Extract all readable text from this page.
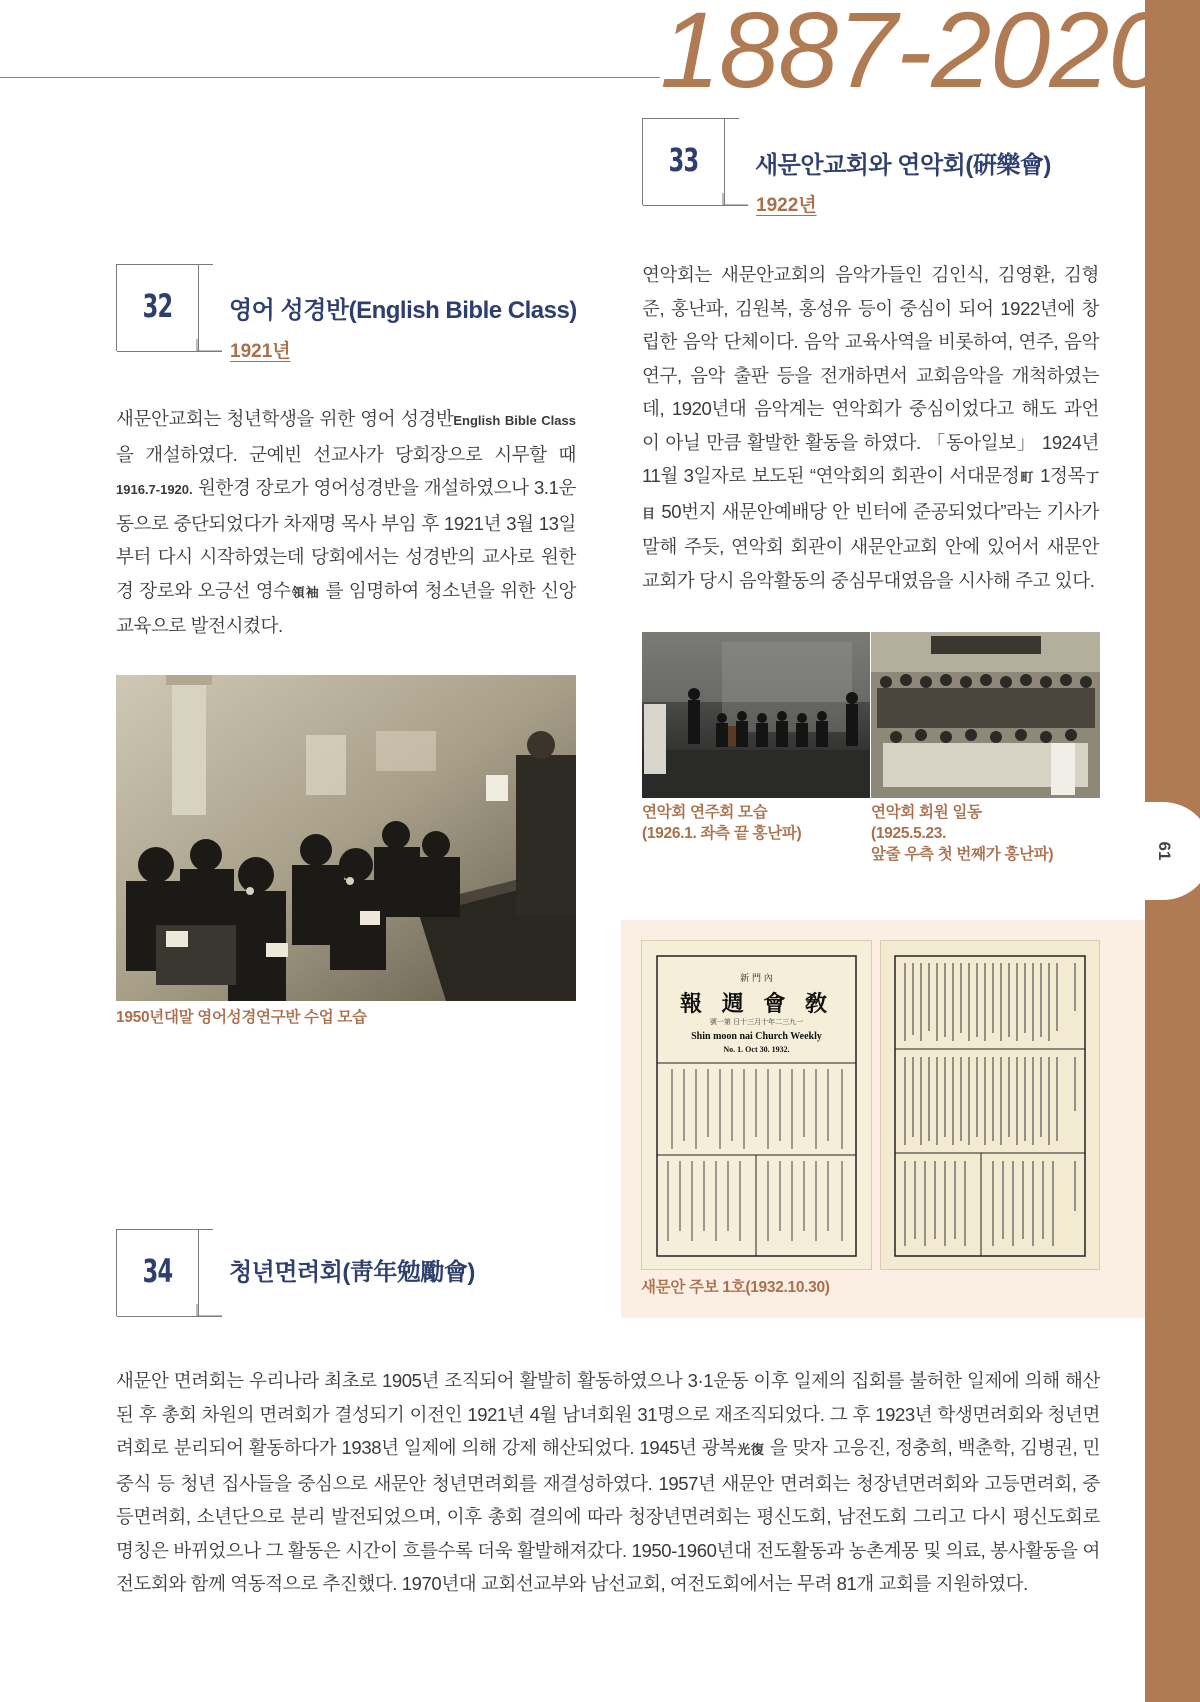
61
1887-2020
33	새문안교회와 연악회(硏樂會)
1922년
연악회는 새문안교회의 음악가들인 김인식, 김영환, 김형준, 홍난파, 김원복, 홍성유 등이 중심이 되어 1922년에 창립한 음악 단체이다. 음악 교육사역을 비롯하여, 연주, 음악 연구, 음악 출판 등을 전개하면서 교회음악을 개척하였는데, 1920년대 음악계는 연악회가 중심이었다고 해도 과언이 아닐 만큼 활발한 활동을 하였다. 「동아일보」 1924년 11월 3일자로 보도된 “연악회의 회관이 서대문정町 1정목丁目 50번지 새문안예배당 안 빈터에 준공되었다”라는 기사가 말해 주듯, 연악회 회관이 새문안교회 안에 있어서 새문안교회가 당시 음악활동의 중심무대였음을 시사해 주고 있다.
연악회 연주회 모습
(1926.1. 좌측 끝 홍난파)
연악회 회원 일동
(1925.5.23.
앞줄 우측 첫 번째가 홍난파)
新 門 內
報 週 會 敎
號一第 日十三月十年二三九一
Shin moon nai Church Weekly
No. 1. Oct 30. 1932.
새문안 주보 1호(1932.10.30)
32	영어 성경반(English Bible Class)
1921년
새문안교회는 청년학생을 위한 영어 성경반English Bible Class 을 개설하였다. 군예빈 선교사가 당회장으로 시무할 때1916.7-1920. 원한경 장로가 영어성경반을 개설하였으나 3.1운동으로 중단되었다가 차재명 목사 부임 후 1921년 3월 13일부터 다시 시작하였는데 당회에서는 성경반의 교사로 원한경 장로와 오긍선 영수領袖 를 임명하여 청소년을 위한 신앙교육으로 발전시켰다.
1950년대말 영어성경연구반 수업 모습
34	청년면려회(靑年勉勵會)
새문안 면려회는 우리나라 최초로 1905년 조직되어 활발히 활동하였으나 3·1운동 이후 일제의 집회를 불허한 일제에 의해 해산된 후 총회 차원의 면려회가 결성되기 이전인 1921년 4월 남녀회원 31명으로 재조직되었다. 그 후 1923년 학생면려회와 청년면려회로 분리되어 활동하다가 1938년 일제에 의해 강제 해산되었다. 1945년 광복光復 을 맞자 고응진, 정충희, 백춘학, 김병권, 민중식 등 청년 집사들을 중심으로 새문안 청년면려회를 재결성하였다. 1957년 새문안 면려회는 청장년면려회와 고등면려회, 중등면려회, 소년단으로 분리 발전되었으며, 이후 총회 결의에 따라 청장년면려회는 평신도회, 남전도회 그리고 다시 평신도회로 명칭은 바뀌었으나 그 활동은 시간이 흐를수록 더욱 활발해져갔다. 1950-1960년대 전도활동과 농촌계몽 및 의료, 봉사활동을 여전도회와 함께 역동적으로 추진했다. 1970년대 교회선교부와 남선교회, 여전도회에서는 무려 81개 교회를 지원하였다.
